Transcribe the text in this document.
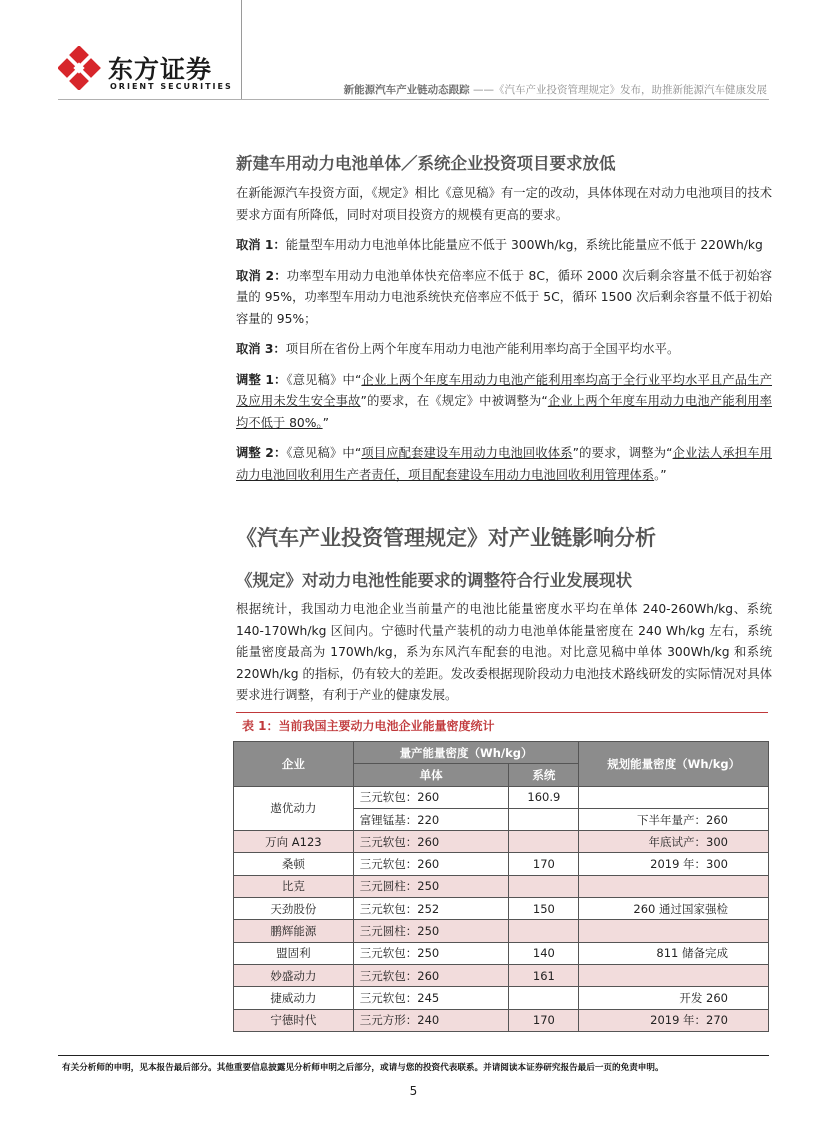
东方证券
ORIENT SECURITIES	新能源汽车产业链动态跟踪 ——《汽车产业投资管理规定》发布，助推新能源汽车健康发展
新建车用动力电池单体／系统企业投资项目要求放低

在新能源汽车投资方面，《规定》相比《意见稿》有一定的改动，具体体现在对动力电池项目的技术要求方面有所降低，同时对项目投资方的规模有更高的要求。

取消 1：能量型车用动力电池单体比能量应不低于 300Wh/kg，系统比能量应不低于 220Wh/kg

取消 2：功率型车用动力电池单体快充倍率应不低于 8C，循环 2000 次后剩余容量不低于初始容量的 95%，功率型车用动力电池系统快充倍率应不低于 5C，循环 1500 次后剩余容量不低于初始容量的 95%；

取消 3：项目所在省份上两个年度车用动力电池产能利用率均高于全国平均水平。

调整 1：《意见稿》中“企业上两个年度车用动力电池产能利用率均高于全行业平均水平且产品生产及应用未发生安全事故”的要求，在《规定》中被调整为“企业上两个年度车用动力电池产能利用率均不低于 80%。”

调整 2：《意见稿》中“项目应配套建设车用动力电池回收体系”的要求，调整为“企业法人承担车用动力电池回收利用生产者责任，项目配套建设车用动力电池回收利用管理体系。”

《汽车产业投资管理规定》对产业链影响分析
《规定》对动力电池性能要求的调整符合行业发展现状

根据统计，我国动力电池企业当前量产的电池比能量密度水平均在单体 240-260Wh/kg、系统 140-170Wh/kg 区间内。宁德时代量产装机的动力电池单体能量密度在 240 Wh/kg 左右，系统能量密度最高为 170Wh/kg，系为东风汽车配套的电池。对比意见稿中单体 300Wh/kg 和系统 220Wh/kg 的指标，仍有较大的差距。发改委根据现阶段动力电池技术路线研发的实际情况对具体要求进行调整，有利于产业的健康发展。

表 1：当前我国主要动力电池企业能量密度统计
企业	量产能量密度（Wh/kg）		规划能量密度（Wh/kg）
	单体	系统	
遨优动力	三元软包：260	160.9	
	富锂锰基：220		下半年量产：260
万向 A123	三元软包：260		年底试产：300
桑顿	三元软包：260	170	2019 年：300
比克	三元圆柱：250		
天劲股份	三元软包：252	150	260 通过国家强检
鹏辉能源	三元圆柱：250		
盟固利	三元软包：250	140	811 储备完成
妙盛动力	三元软包：260	161	
捷威动力	三元软包：245		开发 260
宁德时代	三元方形：240	170	2019 年：270
有关分析师的申明，见本报告最后部分。其他重要信息披露见分析师申明之后部分，或请与您的投资代表联系。并请阅读本证券研究报告最后一页的免责申明。
5
